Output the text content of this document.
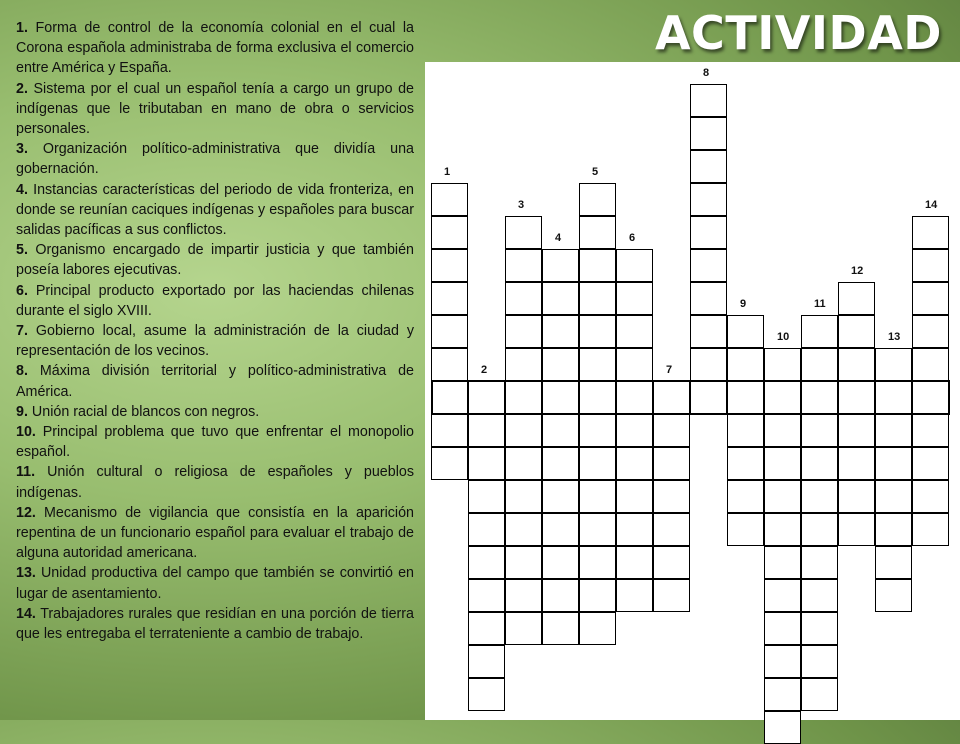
1. Forma de control de la economía colonial en el cual la Corona española administraba de forma exclusiva el comercio entre América y España.

2. Sistema por el cual un español tenía a cargo un grupo de indígenas que le tributaban en mano de obra o servicios personales.

3. Organización político-administrativa que dividía una gobernación.

4. Instancias características del periodo de vida fronteriza, en donde se reunían caciques indígenas y españoles para buscar salidas pacíficas a sus conflictos.

5. Organismo encargado de impartir justicia y que también poseía labores ejecutivas.

6. Principal producto exportado por las haciendas chilenas durante el siglo XVIII.

7. Gobierno local, asume la administración de la ciudad y representación de los vecinos.

8. Máxima división territorial y político-administrativa de América.

9. Unión racial de blancos con negros.

10. Principal problema que tuvo que enfrentar el monopolio español.

11. Unión cultural o religiosa de españoles y pueblos indígenas.

12. Mecanismo de vigilancia que consistía en la aparición repentina de un funcionario español para evaluar el trabajo de alguna autoridad americana.

13. Unidad productiva del campo que también se convirtió en lugar de asentamiento.

14. Trabajadores rurales que residían en una porción de tierra que les entregaba el terrateniente a cambio de trabajo.

ACTIVIDAD
1
2
3
4
5
6
7
8
9
10
11
12
13
14
